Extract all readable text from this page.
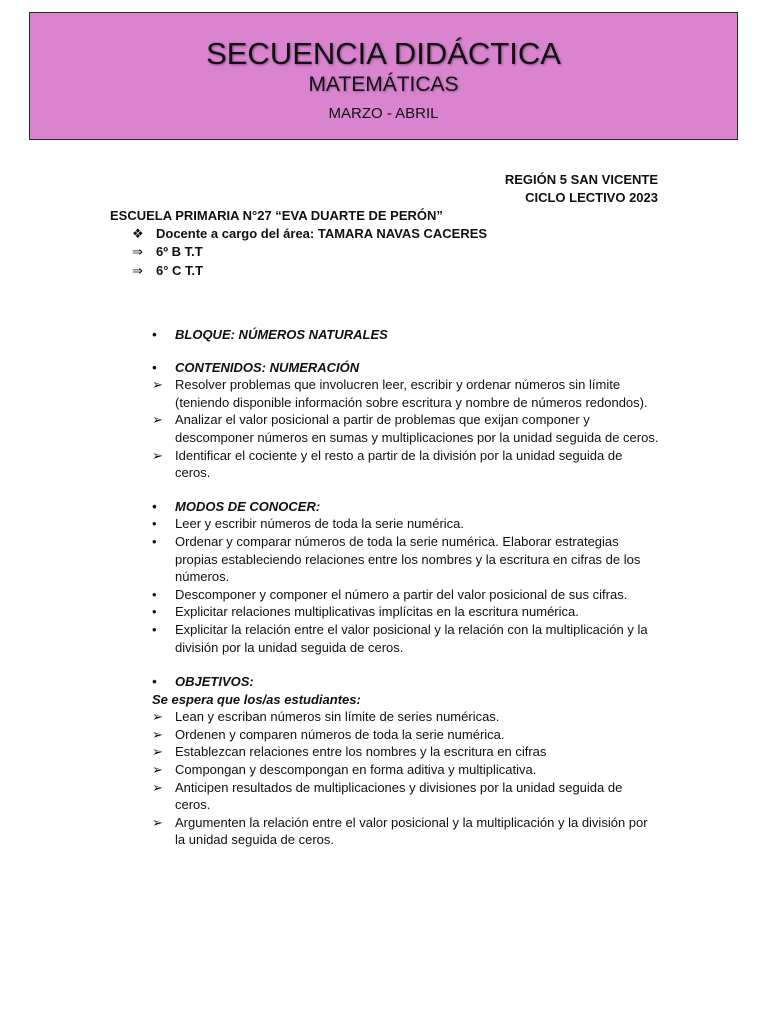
SECUENCIA DIDÁCTICA
MATEMÁTICAS
MARZO - ABRIL
REGIÓN 5 SAN VICENTE
CICLO LECTIVO 2023
ESCUELA PRIMARIA N°27 “EVA DUARTE DE PERÓN”
❖ Docente a cargo del área: TAMARA NAVAS CACERES
⇒ 6º B T.T
⇒ 6° C T.T
•	BLOQUE: NÚMEROS NATURALES
•	CONTENIDOS: NUMERACIÓN
➢ Resolver problemas que involucren leer, escribir y ordenar números sin límite (teniendo disponible información sobre escritura y nombre de números redondos).
➢ Analizar el valor posicional a partir de problemas que exijan componer y descomponer números en sumas y multiplicaciones por la unidad seguida de ceros.
➢ Identificar el cociente y el resto a partir de la división por la unidad seguida de ceros.
•	MODOS DE CONOCER:
•	Leer y escribir números de toda la serie numérica.
•	Ordenar y comparar números de toda la serie numérica. Elaborar estrategias propias estableciendo relaciones entre los nombres y la escritura en cifras de los números.
•	Descomponer y componer el número a partir del valor posicional de sus cifras.
•	Explicitar relaciones multiplicativas implícitas en la escritura numérica.
•	Explicitar la relación entre el valor posicional y la relación con la multiplicación y la división por la unidad seguida de ceros.
•	OBJETIVOS:
Se espera que los/as estudiantes:
➢ Lean y escriban números sin límite de series numéricas.
➢ Ordenen y comparen números de toda la serie numérica.
➢ Establezcan relaciones entre los nombres y la escritura en cifras
➢ Compongan y descompongan en forma aditiva y multiplicativa.
➢ Anticipen resultados de multiplicaciones y divisiones por la unidad seguida de ceros.
➢ Argumenten la relación entre el valor posicional y la multiplicación y la división por la unidad seguida de ceros.
